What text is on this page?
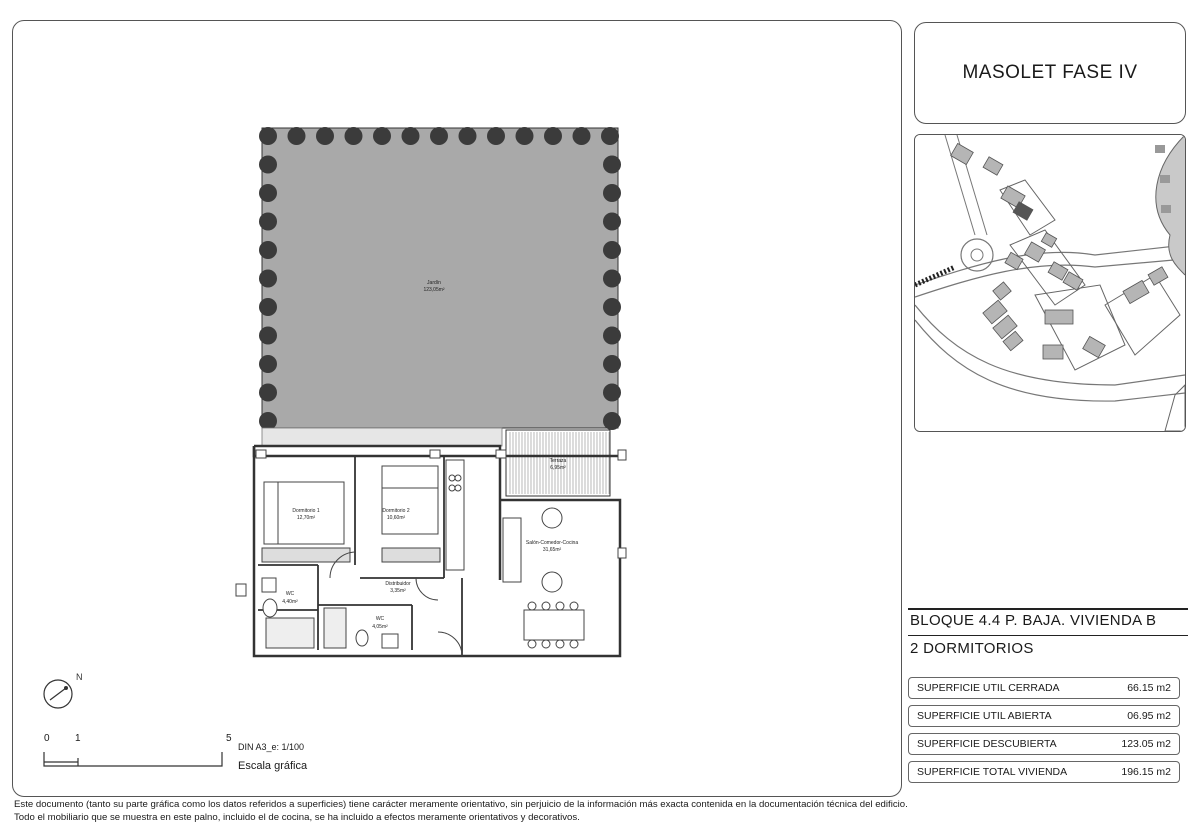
MASOLET FASE IV
Jardín
123,05m²
Terraza
6,95m²
Dormitorio 1
12,70m²
Dormitorio 2
10,60m²
Salón-Comedor-Cocina
31,65m²
Distribuidor
3,35m²
WC
4,40m²
WC
4,05m²
N
0	1	5
DIN A3_e: 1/100
Escala gráfica
BLOQUE 4.4 P. BAJA. VIVIENDA B
2 DORMITORIOS
SUPERFICIE UTIL CERRADA	66.15 m2
SUPERFICIE UTIL ABIERTA	06.95 m2
SUPERFICIE DESCUBIERTA	123.05 m2
SUPERFICIE TOTAL VIVIENDA	196.15 m2
Este documento (tanto su parte gráfica como los datos referidos a superficies) tiene carácter meramente orientativo, sin perjuicio de la información más exacta contenida en la documentación técnica del edificio.
Todo el mobiliario que se muestra en este palno, incluido el de cocina, se ha incluido a efectos meramente orientativos y decorativos.
